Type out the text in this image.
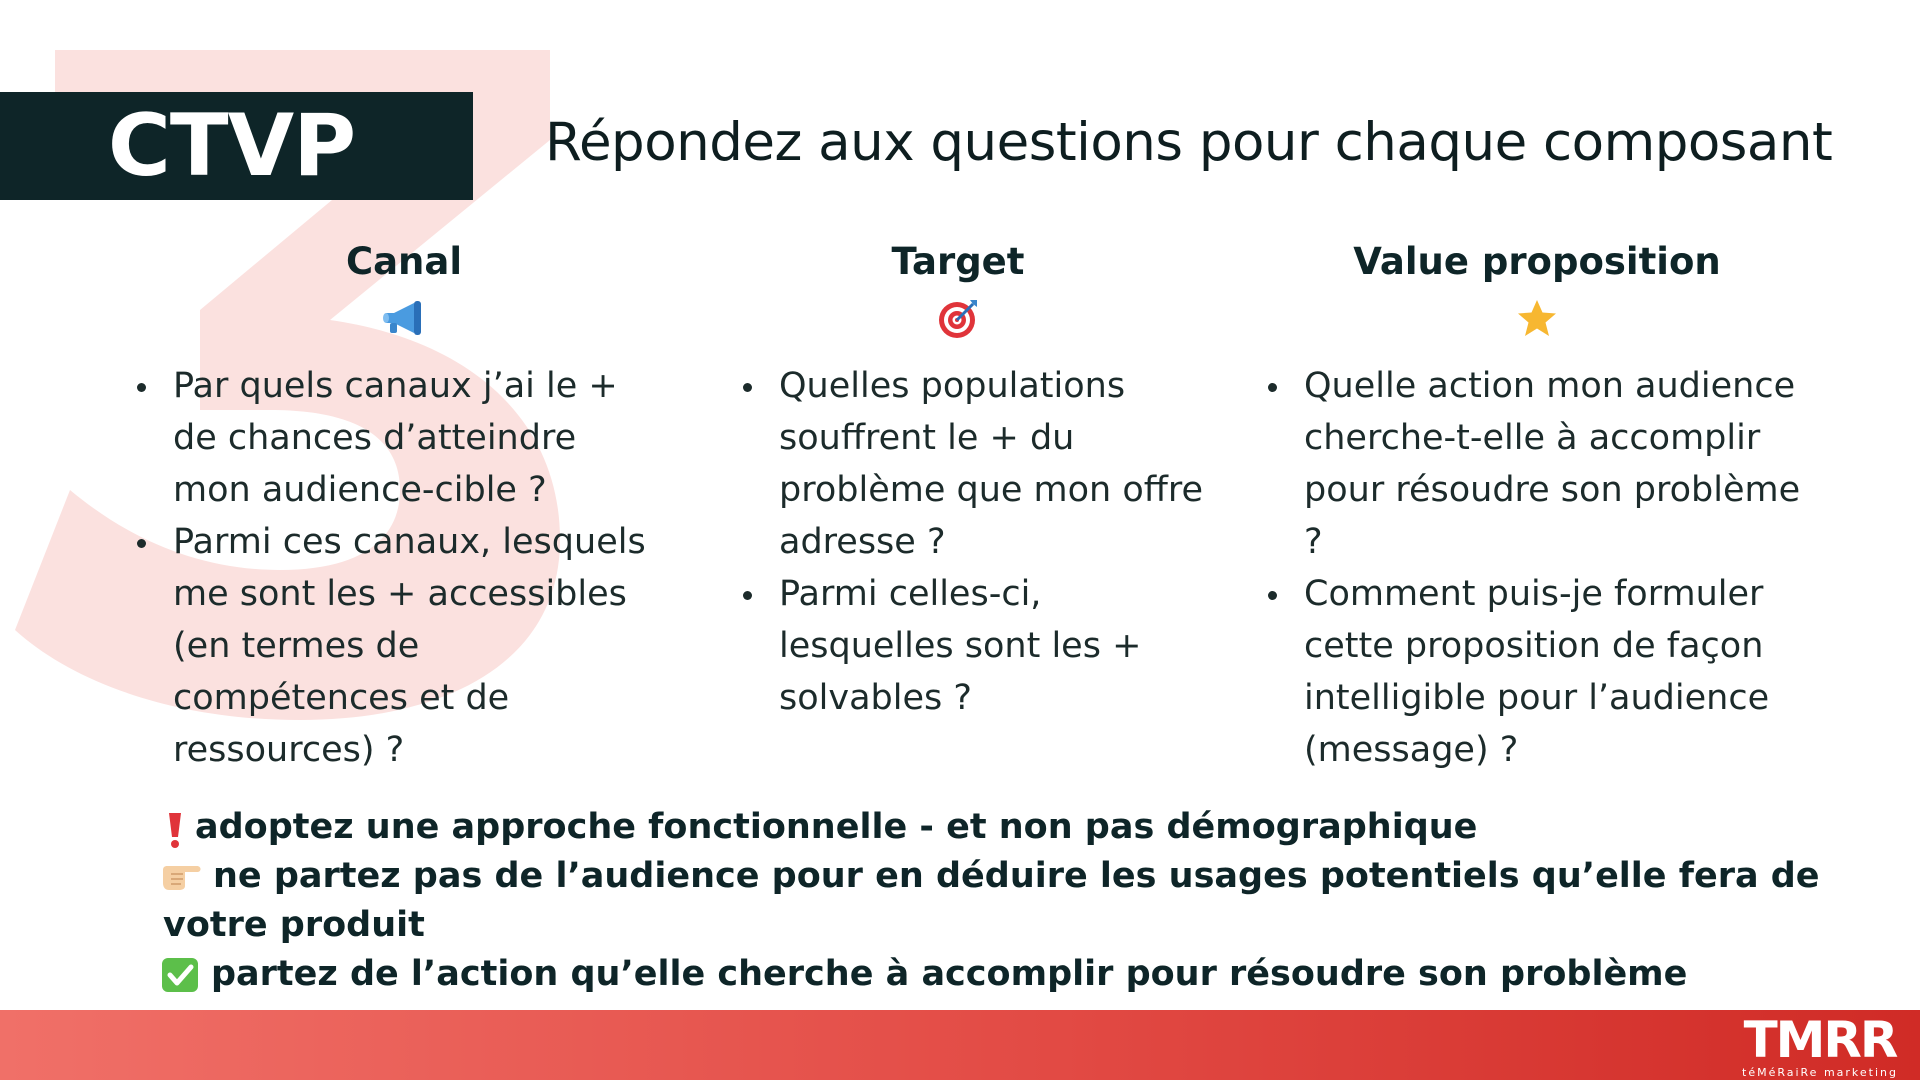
CTVP	Répondez aux questions pour chaque composant
Canal
Par quels canaux j’ai le + de chances d’atteindre mon audience-cible ?
Parmi ces canaux, lesquels me sont les + accessibles (en termes de compétences et de ressources) ?
Target
Quelles populations souffrent le + du problème que mon offre adresse ?
Parmi celles-ci, lesquelles sont les + solvables ?
Value proposition
Quelle action mon audience cherche-t-elle à accomplir pour résoudre son problème ?
Comment puis-je formuler cette proposition de façon intelligible pour l’audience (message) ?
adoptez une approche fonctionnelle - et non pas démographique
ne partez pas de l’audience pour en déduire les usages potentiels qu’elle fera de votre produit
partez de l’action qu’elle cherche à accomplir pour résoudre son problème
TMRR
téMéRaiRe marketing
